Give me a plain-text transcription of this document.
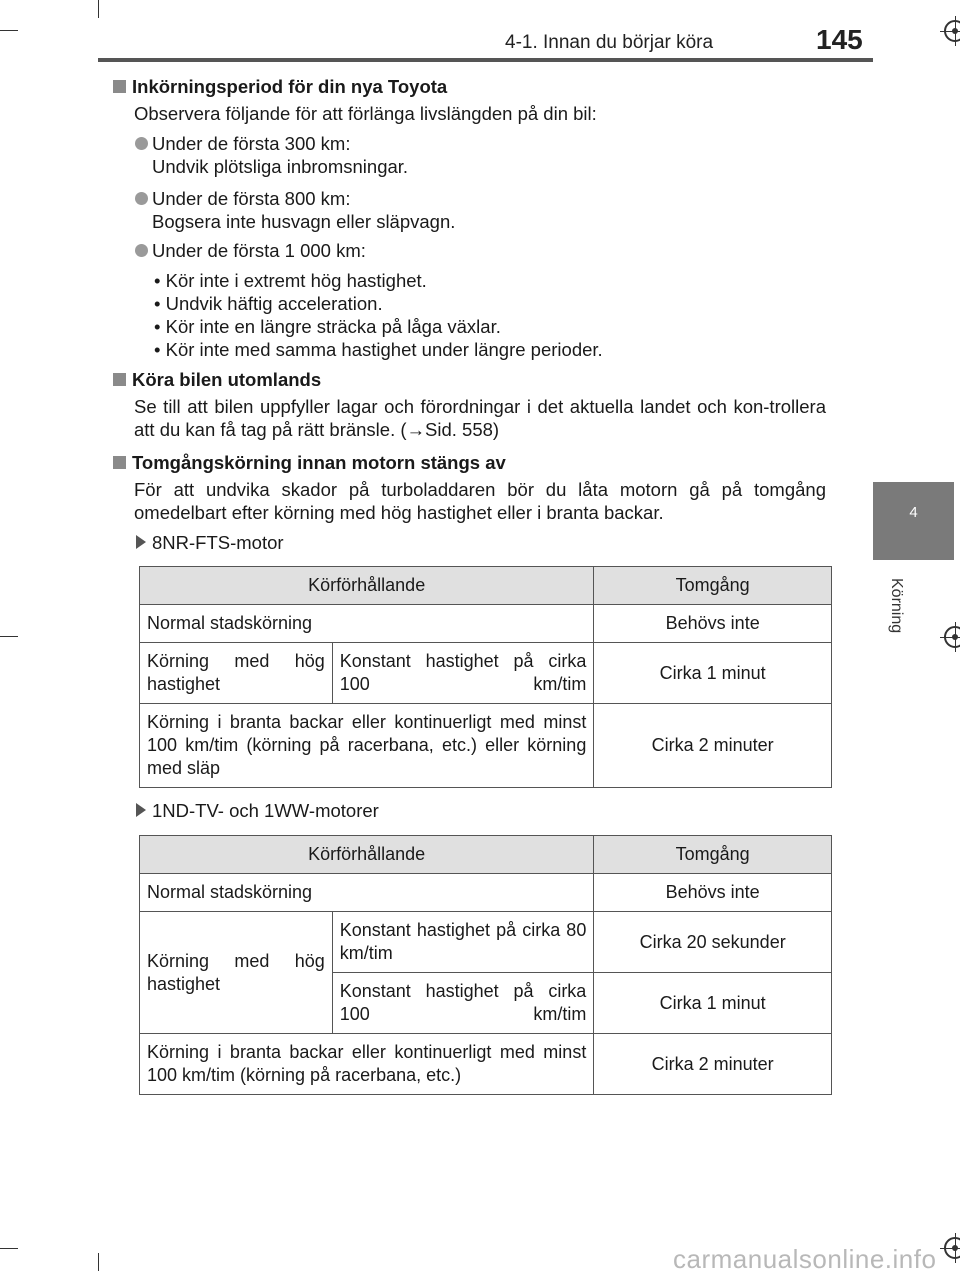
4-1. Innan du börjar köra	145
4
Körning
Inkörningsperiod för din nya Toyota
Observera följande för att förlänga livslängden på din bil:
Under de första 300 km:
Undvik plötsliga inbromsningar.
Under de första 800 km:
Bogsera inte husvagn eller släpvagn.
Under de första 1 000 km:
• Kör inte i extremt hög hastighet.
• Undvik häftig acceleration.
• Kör inte en längre sträcka på låga växlar.
• Kör inte med samma hastighet under längre perioder.
Köra bilen utomlands
Se till att bilen uppfyller lagar och förordningar i det aktuella landet och kon-trollera att du kan få tag på rätt bränsle. (→Sid. 558)
Tomgångskörning innan motorn stängs av
För att undvika skador på turboladdaren bör du låta motorn gå på tomgång omedelbart efter körning med hög hastighet eller i branta backar.
8NR-FTS-motor
Körförhållande		Tomgång
Normal stadskörning		Behövs inte
Körning med hög hastighet	Konstant hastighet på cirka 100 km/tim	Cirka 1 minut
Körning i branta backar eller kontinuerligt med minst 100 km/tim (körning på racerbana, etc.) eller körning med släp		Cirka 2 minuter
1ND-TV- och 1WW-motorer
Körförhållande		Tomgång
Normal stadskörning		Behövs inte
Körning med hög hastighet	Konstant hastighet på cirka 80 km/tim	Cirka 20 sekunder
	Konstant hastighet på cirka 100 km/tim	Cirka 1 minut
Körning i branta backar eller kontinuerligt med minst 100 km/tim (körning på racerbana, etc.)		Cirka 2 minuter
carmanualsonline.info
